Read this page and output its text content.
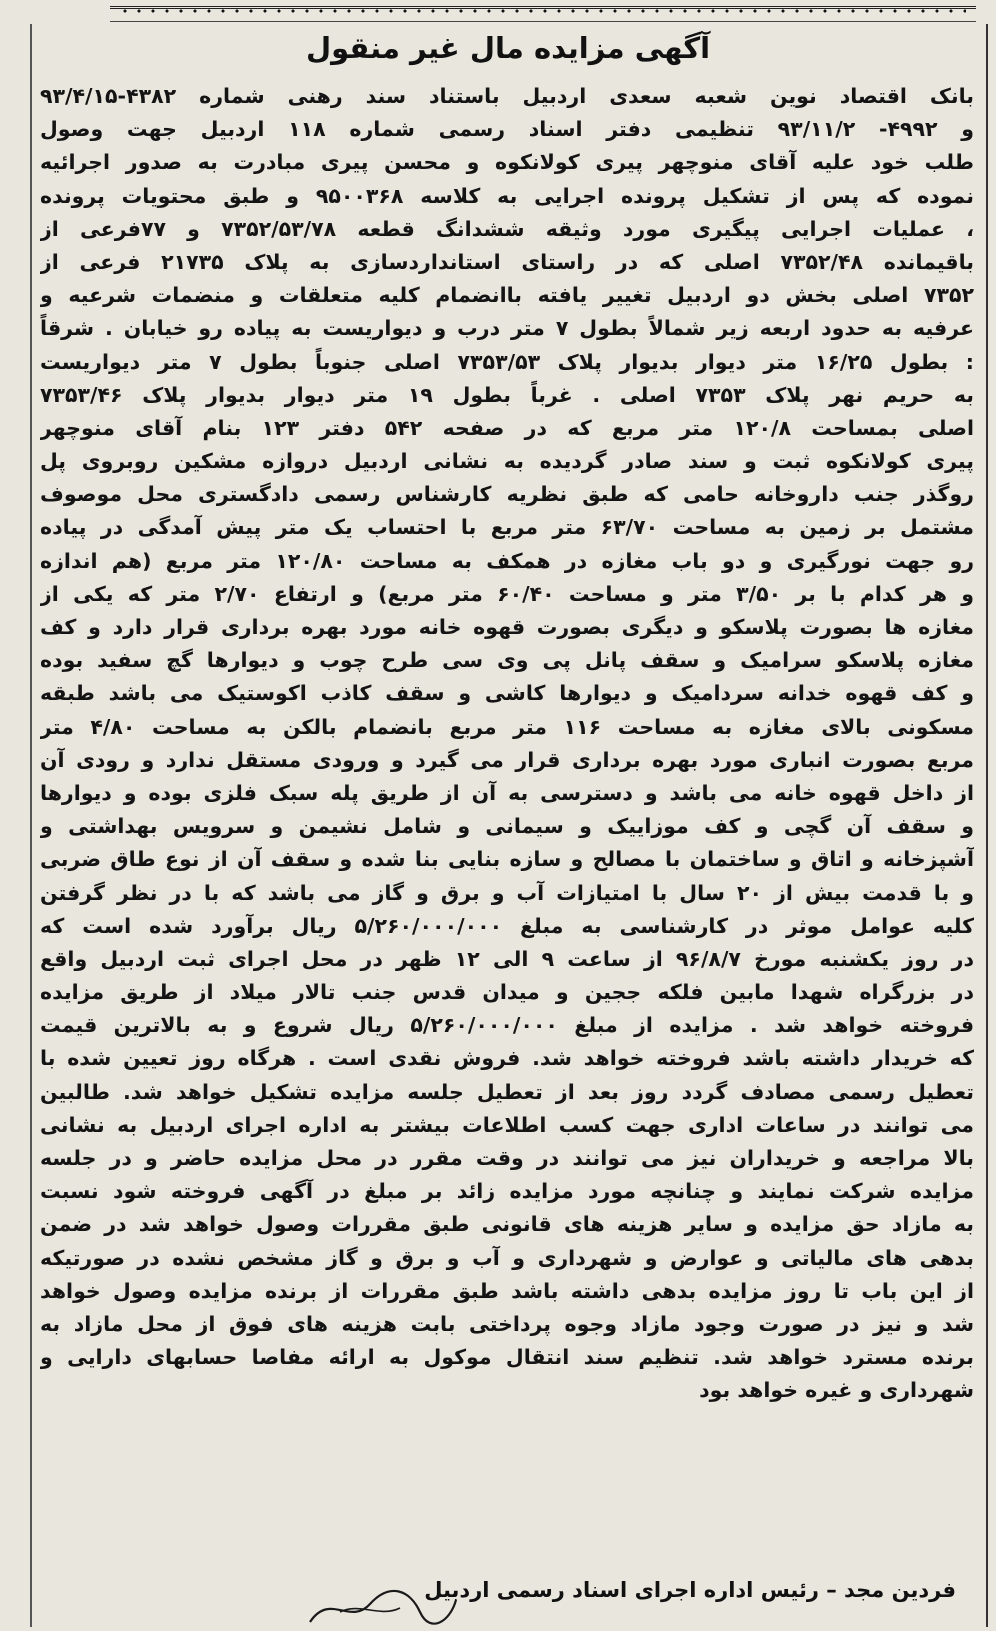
آگهی مزایده مال غیر منقول
بانک اقتصاد نوین شعبه سعدی اردبیل باستناد سند رهنی شماره ۴۳۸۲-۹۳/۴/۱۵
و ۴۹۹۲- ۹۳/۱۱/۲ تنظیمی دفتر اسناد رسمی شماره ۱۱۸ اردبیل جهت وصول
طلب خود علیه آقای منوچهر پیری کولانکوه و محسن پیری مبادرت به صدور اجرائیه
نموده که پس از تشکیل پرونده اجرایی به کلاسه ۹۵۰۰۳۶۸ و طبق محتویات پرونده
، عملیات اجرایی پیگیری مورد وثیقه ششدانگ قطعه ۷۳۵۲/۵۳/۷۸ و ۷۷فرعی از
باقیمانده ۷۳۵۲/۴۸ اصلی که در راستای استانداردسازی به پلاک ۲۱۷۳۵ فرعی از
۷۳۵۲ اصلی بخش دو اردبیل تغییر یافته باانضمام کلیه متعلقات و منضمات شرعیه و
عرفیه به حدود اربعه زیر شمالاً بطول ۷ متر درب و دیواریست به پیاده رو خیابان . شرقاً
: بطول ۱۶/۲۵ متر دیوار بدیوار پلاک ۷۳۵۳/۵۳ اصلی جنوباً بطول ۷ متر دیواریست
به حریم نهر پلاک ۷۳۵۳ اصلی . غرباً بطول ۱۹ متر دیوار بدیوار پلاک ۷۳۵۳/۴۶
اصلی بمساحت ۱۲۰/۸ متر مربع که در صفحه ۵۴۲ دفتر ۱۲۳ بنام آقای منوچهر
پیری کولانکوه ثبت و سند صادر گردیده به نشانی اردبیل دروازه مشکین روبروی پل
روگذر جنب داروخانه حامی که طبق نظریه کارشناس رسمی دادگستری محل موصوف
مشتمل بر زمین به مساحت ۶۳/۷۰ متر مربع با احتساب یک متر پیش آمدگی در پیاده
رو جهت نورگیری و دو باب مغازه در همکف به مساحت ۱۲۰/۸۰ متر مربع (هم اندازه
و هر کدام با بر ۳/۵۰ متر و مساحت ۶۰/۴۰ متر مربع) و ارتفاع ۲/۷۰ متر که یکی از
مغازه ها بصورت پلاسکو و دیگری بصورت قهوه خانه مورد بهره برداری قرار دارد و کف
مغازه پلاسکو سرامیک و سقف پانل پی وی سی طرح چوب و دیوارها گچ سفید بوده
و کف قهوه خدانه سردامیک و دیوارها کاشی و سقف کاذب اکوستیک می باشد طبقه
مسکونی بالای مغازه به مساحت ۱۱۶ متر مربع بانضمام بالکن به مساحت ۴/۸۰ متر
مربع بصورت انباری مورد بهره برداری قرار می گیرد و ورودی مستقل ندارد و رودی آن
از داخل قهوه خانه می باشد و دسترسی به آن از طریق پله سبک فلزی بوده و دیوارها
و سقف آن گچی و کف موزاییک و سیمانی و شامل نشیمن و سرویس بهداشتی و
آشپزخانه و اتاق و ساختمان با مصالح و سازه بنایی بنا شده و سقف آن از نوع طاق ضربی
و با قدمت بیش از ۲۰ سال با امتیازات آب و برق و گاز می باشد که با در نظر گرفتن
کلیه عوامل موثر در کارشناسی به مبلغ ۵/۲۶۰/۰۰۰/۰۰۰ ریال برآورد شده است که
در روز یکشنبه مورخ ۹۶/۸/۷ از ساعت ۹ الی ۱۲ ظهر در محل اجرای ثبت اردبیل واقع
در بزرگراه شهدا مابین فلکه ججین و میدان قدس جنب تالار میلاد از طریق مزایده
فروخته خواهد شد . مزایده از مبلغ ۵/۲۶۰/۰۰۰/۰۰۰ ریال شروع و به بالاترین قیمت
که خریدار داشته باشد فروخته خواهد شد. فروش نقدی است . هرگاه روز تعیین شده با
تعطیل رسمی مصادف گردد روز بعد از تعطیل جلسه مزایده تشکیل خواهد شد. طالبین
می توانند در ساعات اداری جهت کسب اطلاعات بیشتر به اداره اجرای اردبیل به نشانی
بالا مراجعه و خریداران نیز می توانند در وقت مقرر در محل مزایده حاضر و در جلسه
مزایده شرکت نمایند و چنانچه مورد مزایده زائد بر مبلغ در آگهی فروخته شود نسبت
به مازاد حق مزایده و سایر هزینه های قانونی طبق مقررات وصول خواهد شد در ضمن
بدهی های مالیاتی و عوارض و شهرداری و آب و برق و گاز مشخص نشده در صورتیکه
از این باب تا روز مزایده بدهی داشته باشد طبق مقررات از برنده مزایده وصول خواهد
شد و نیز در صورت وجود مازاد وجوه پرداختی بابت هزینه های فوق از محل مازاد به
برنده مسترد خواهد شد. تنظیم سند انتقال موکول به ارائه مفاصا حسابهای دارایی و
شهرداری و غیره خواهد بود
فردین مجد – رئیس اداره اجرای اسناد رسمی اردبیل
